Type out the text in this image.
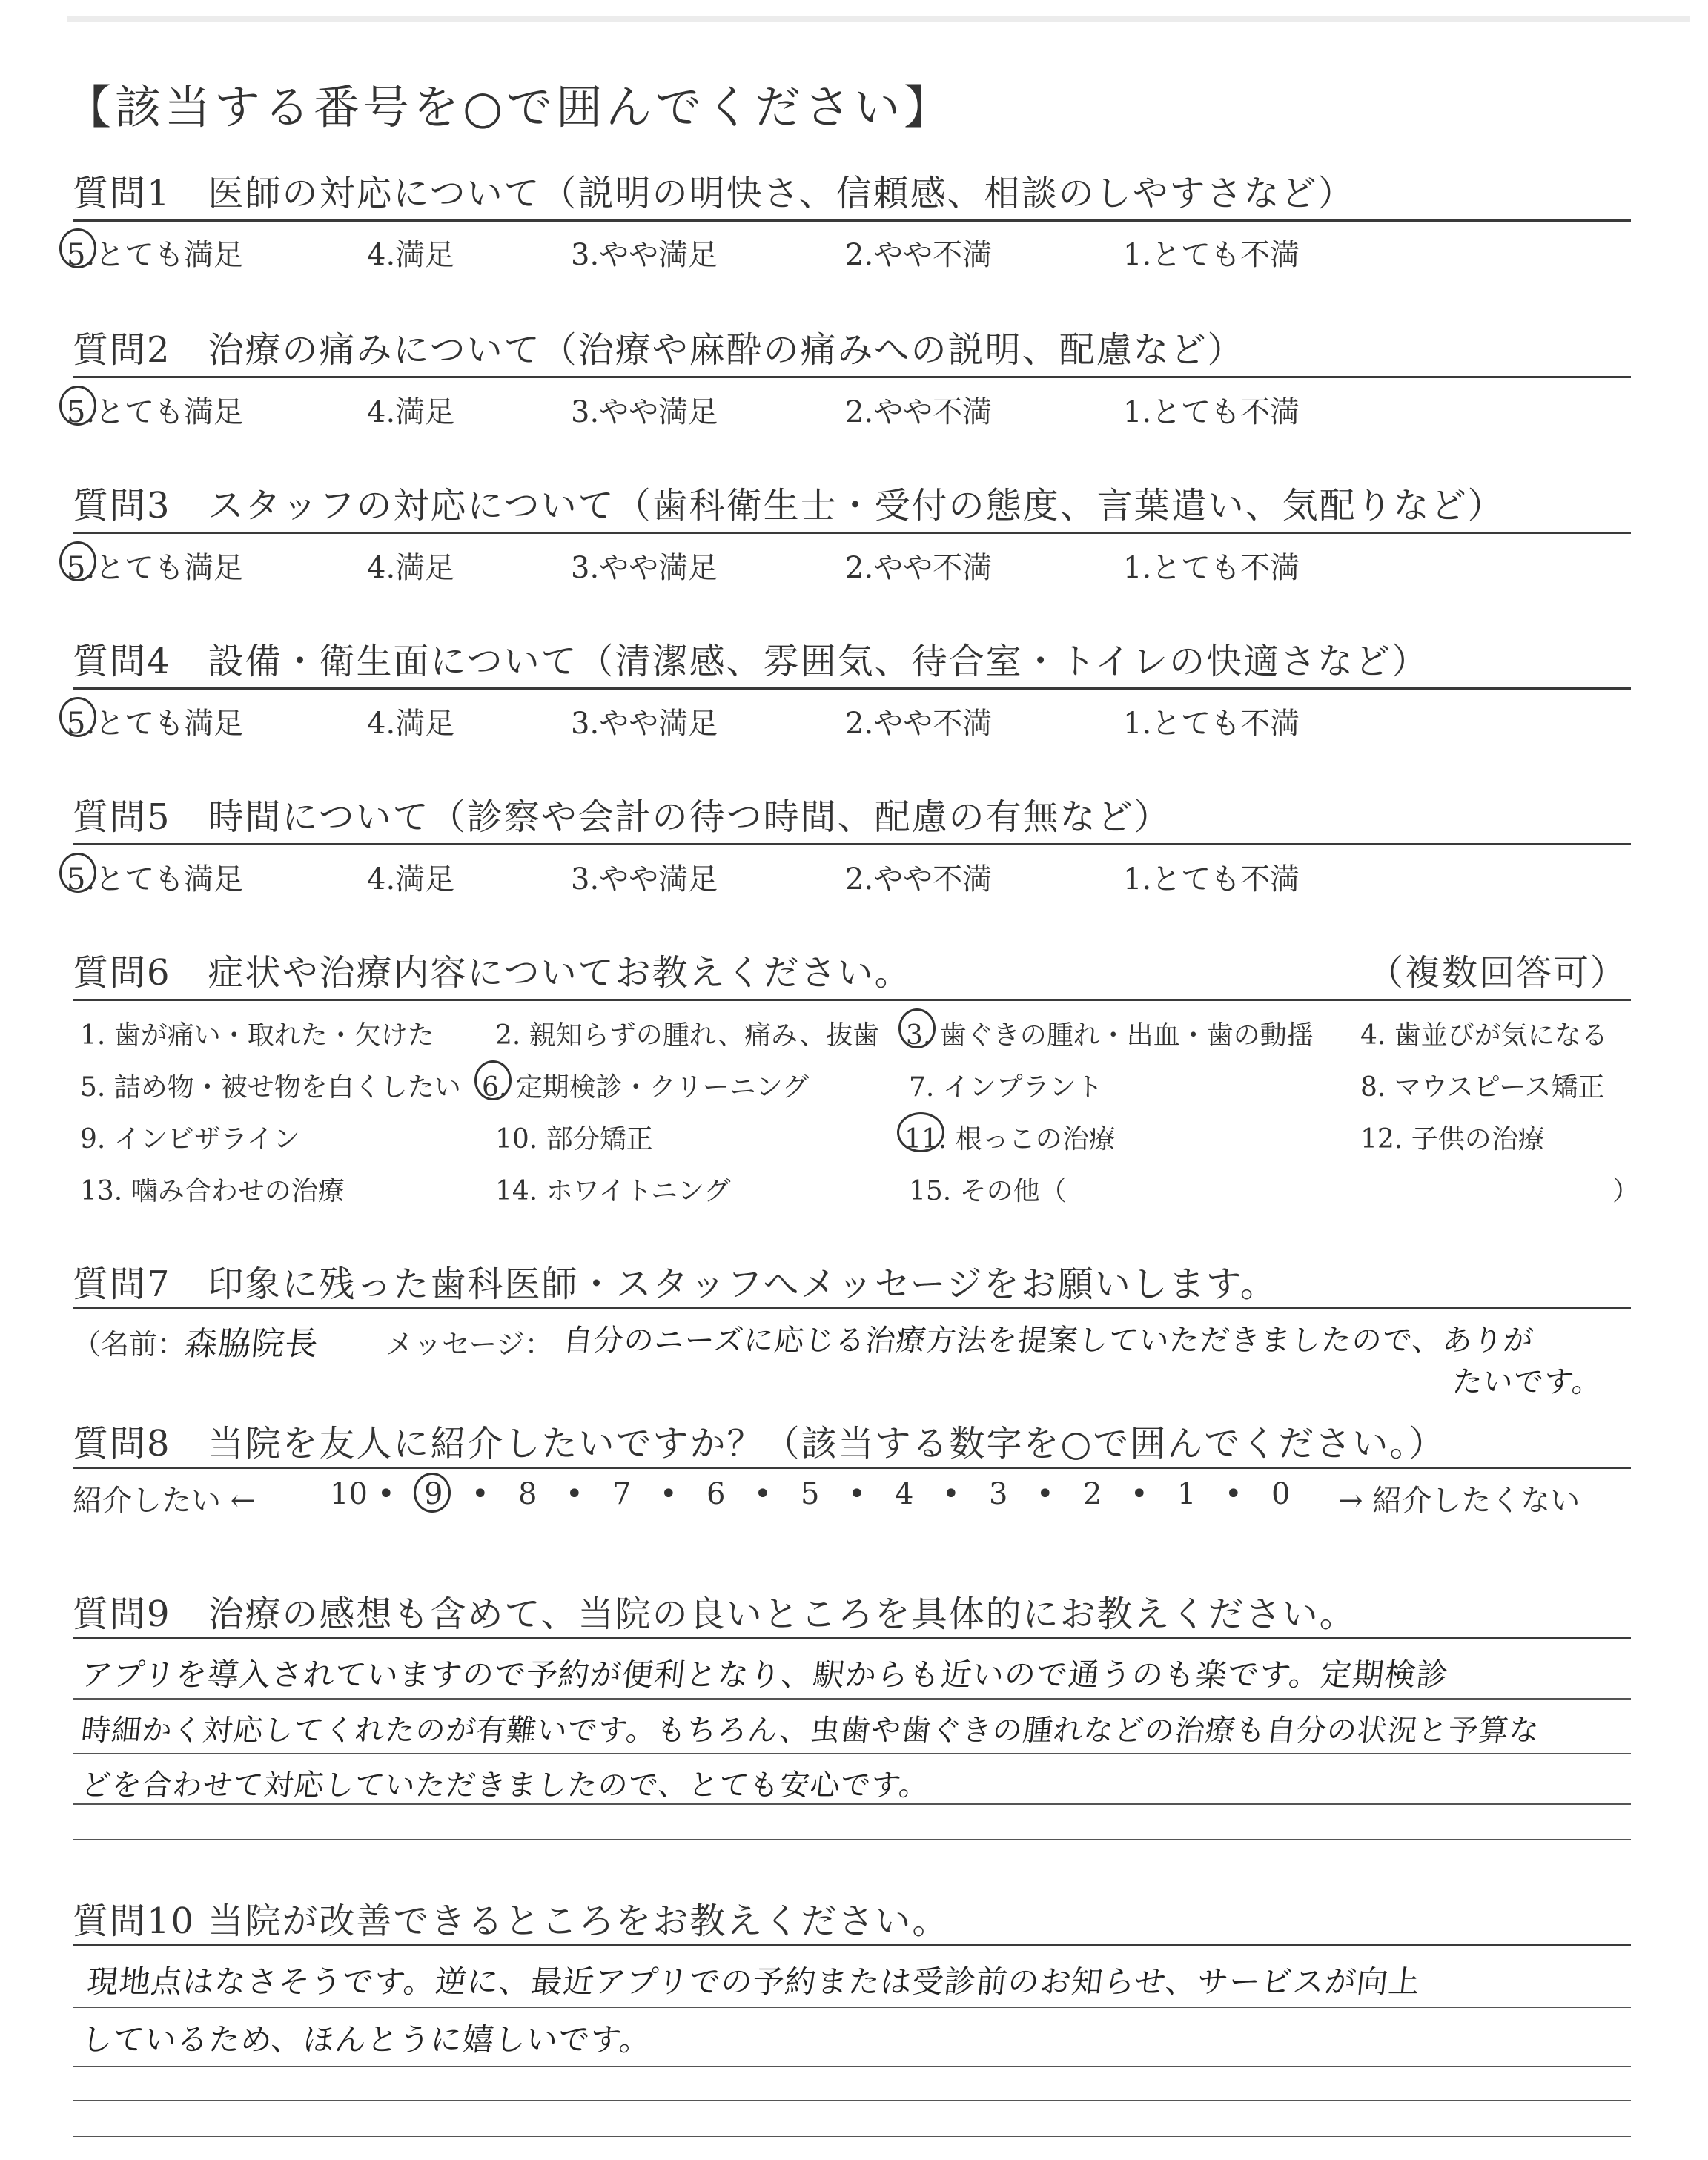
【該当する番号を○で囲んでください】
質問1　医師の対応について（説明の明快さ、信頼感、相談のしやすさなど）
5.とても満足	4.満足	3.やや満足	2.やや不満	1.とても不満
質問2　治療の痛みについて（治療や麻酔の痛みへの説明、配慮など）
5.とても満足	4.満足	3.やや満足	2.やや不満	1.とても不満
質問3　スタッフの対応について（歯科衛生士・受付の態度、言葉遣い、気配りなど）
5.とても満足	4.満足	3.やや満足	2.やや不満	1.とても不満
質問4　設備・衛生面について（清潔感、雰囲気、待合室・トイレの快適さなど）
5.とても満足	4.満足	3.やや満足	2.やや不満	1.とても不満
質問5　時間について（診察や会計の待つ時間、配慮の有無など）
5.とても満足	4.満足	3.やや満足	2.やや不満	1.とても不満
質問6　症状や治療内容についてお教えください。	（複数回答可）
1. 歯が痛い・取れた・欠けた 2. 親知らずの腫れ、痛み、抜歯 3. 歯ぐきの腫れ・出血・歯の動揺 4. 歯並びが気になる
5. 詰め物・被せ物を白くしたい 6. 定期検診・クリーニング	7. インプラント	8. マウスピース矯正
9. インビザライン	10. 部分矯正	11. 根っこの治療	12. 子供の治療
13. 噛み合わせの治療	14. ホワイトニング	15. その他（	）
質問7　印象に残った歯科医師・スタッフへメッセージをお願いします。
（名前：
森脇院長 メッセージ： 自分のニーズに応じる治療方法を提案していただきましたので、ありが
たいです。
質問8　当院を友人に紹介したいですか？（該当する数字を○で囲んでください。）
紹介したい ←	10 • 9 • 8 • 7 • 6 • 5 • 4 • 3 • 2 • 1 • 0 → 紹介したくない
質問9　治療の感想も含めて、当院の良いところを具体的にお教えください。
アプリを導入されていますので予約が便利となり、駅からも近いので通うのも楽です。定期検診
時細かく対応してくれたのが有難いです。もちろん、虫歯や歯ぐきの腫れなどの治療も自分の状況と予算な
どを合わせて対応していただきましたので、とても安心です。
質問10 当院が改善できるところをお教えください。
現地点はなさそうです。逆に、最近アプリでの予約または受診前のお知らせ、サービスが向上
しているため、ほんとうに嬉しいです。
